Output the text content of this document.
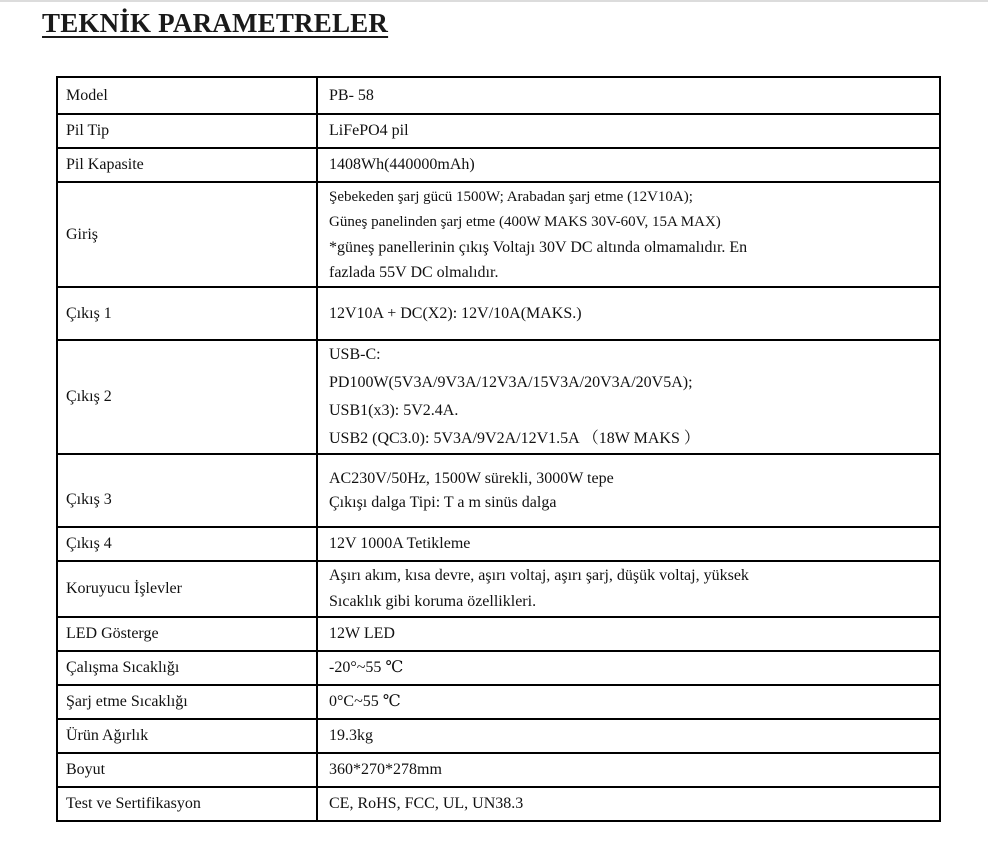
TEKNİK PARAMETRELER
Model	PB- 58

Pil Tip	LiFePO4 pil

Pil Kapasite	1408Wh(440000mAh)

Giriş	Şebekeden şarj gücü 1500W; Arabadan şarj etme (12V10A);
Güneş panelinden şarj etme (400W MAKS 30V-60V, 15A MAX)
*güneş panellerinin çıkış Voltajı 30V DC altında olmamalıdır. En
fazlada 55V DC olmalıdır.

Çıkış 1	12V10A + DC(X2): 12V/10A(MAKS.)

Çıkış 2	USB-C:
PD100W(5V3A/9V3A/12V3A/15V3A/20V3A/20V5A);
USB1(x3): 5V2.4A.
USB2 (QC3.0): 5V3A/9V2A/12V1.5A （18W MAKS ）

Çıkış 3	AC230V/50Hz, 1500W sürekli, 3000W tepe
Çıkışı dalga Tipi: T a m sinüs dalga

Çıkış 4	12V 1000A Tetikleme

Koruyucu İşlevler	Aşırı akım, kısa devre, aşırı voltaj, aşırı şarj, düşük voltaj, yüksek
Sıcaklık gibi koruma özellikleri.

LED Gösterge	12W LED

Çalışma Sıcaklığı	-20°~55 ℃

Şarj etme Sıcaklığı	0°C~55 ℃

Ürün Ağırlık	19.3kg

Boyut	360*270*278mm

Test ve Sertifikasyon	CE, RoHS, FCC, UL, UN38.3
